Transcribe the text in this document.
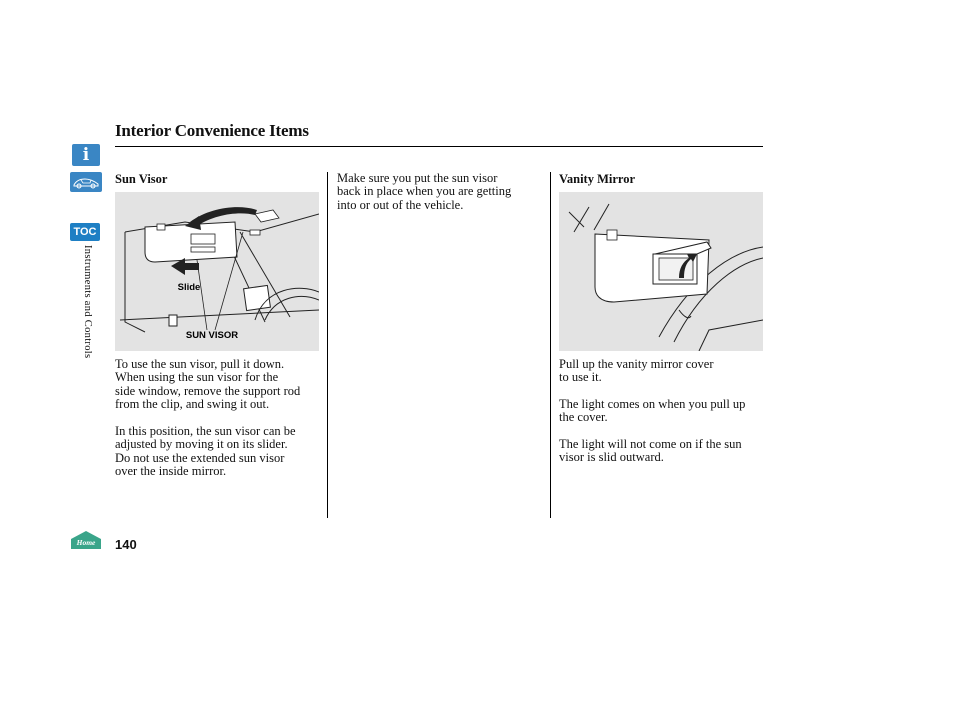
Interior Convenience Items
i
TOC
Instruments and Controls
Home
Sun Visor
Slide
SUN VISOR
To use the sun visor, pull it down.
When using the sun visor for the
side window, remove the support rod
from the clip, and swing it out.
In this position, the sun visor can be
adjusted by moving it on its slider.
Do not use the extended sun visor
over the inside mirror.
Make sure you put the sun visor
back in place when you are getting
into or out of the vehicle.
Vanity Mirror
Pull up the vanity mirror cover
to use it.
The light comes on when you pull up
the cover.
The light will not come on if the sun
visor is slid outward.
140
